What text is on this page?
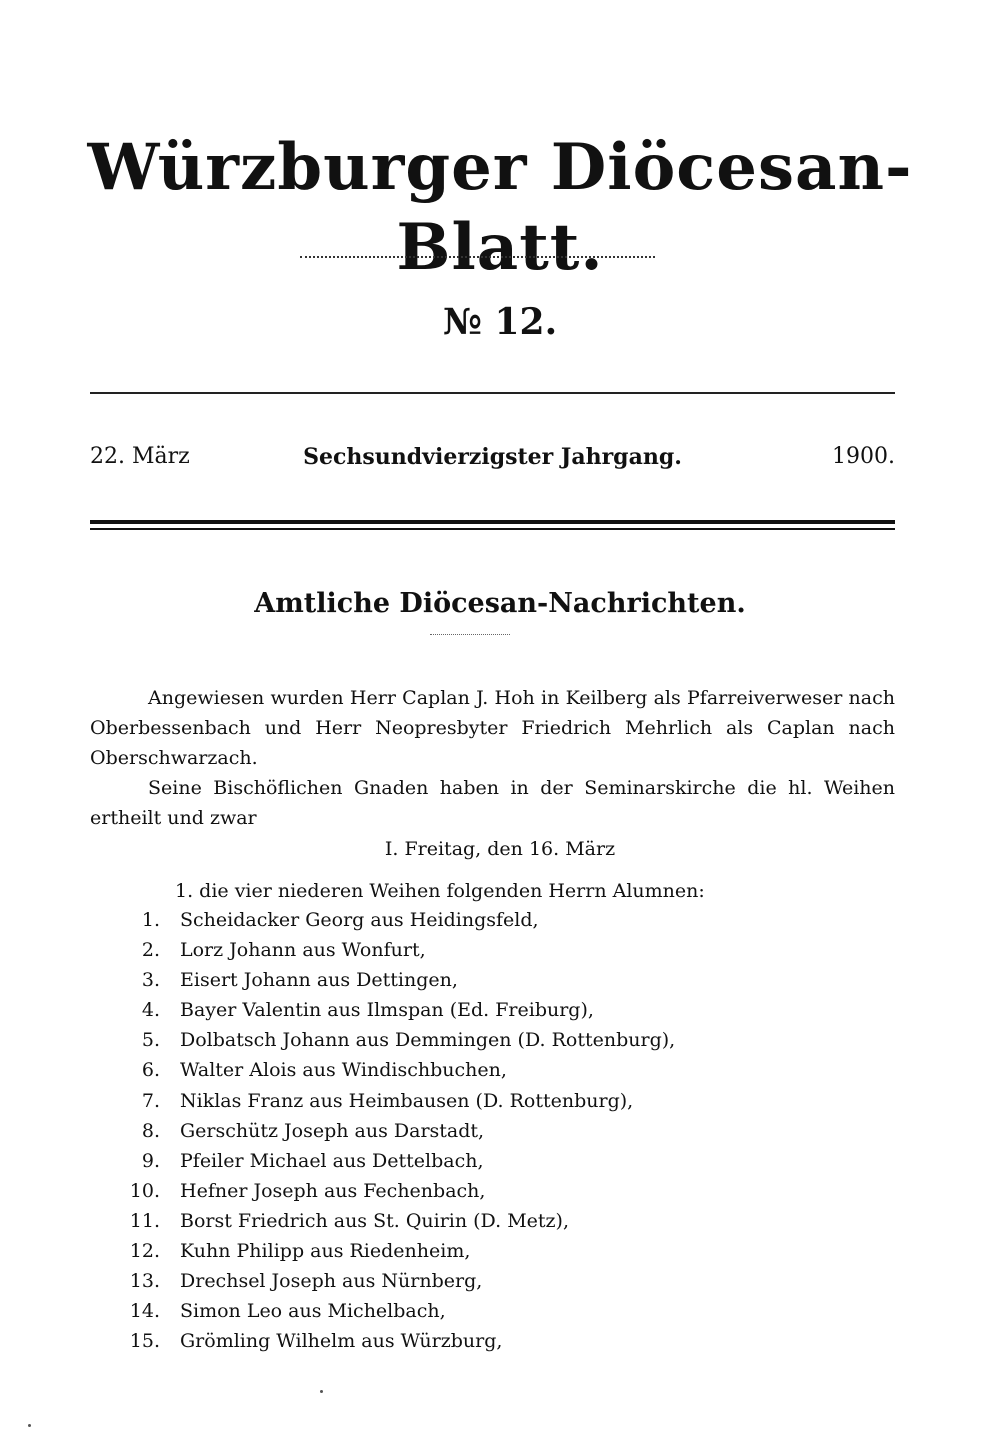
Würzburger Diöcesan-Blatt.
№ 12.
Sechsundvierzigster Jahrgang.
22. März	1900.
Amtliche Diöcesan-Nachrichten.

Angewiesen wurden Herr Caplan J. Hoh in Keilberg als Pfarreiverweser nach Oberbessenbach und Herr Neopresbyter Friedrich Mehrlich als Caplan nach Oberschwarzach.

Seine Bischöflichen Gnaden haben in der Seminarskirche die hl. Weihen ertheilt und zwar

I. Freitag, den 16. März
1. die vier niederen Weihen folgenden Herrn Alumnen:
1. Scheidacker Georg aus Heidingsfeld,
2. Lorz Johann aus Wonfurt,
3. Eisert Johann aus Dettingen,
4. Bayer Valentin aus Ilmspan (Ed. Freiburg),
5. Dolbatsch Johann aus Demmingen (D. Rottenburg),
6. Walter Alois aus Windischbuchen,
7. Niklas Franz aus Heimbausen (D. Rottenburg),
8. Gerschütz Joseph aus Darstadt,
9. Pfeiler Michael aus Dettelbach,
10. Hefner Joseph aus Fechenbach,
11. Borst Friedrich aus St. Quirin (D. Metz),
12. Kuhn Philipp aus Riedenheim,
13. Drechsel Joseph aus Nürnberg,
14. Simon Leo aus Michelbach,
15. Grömling Wilhelm aus Würzburg,
